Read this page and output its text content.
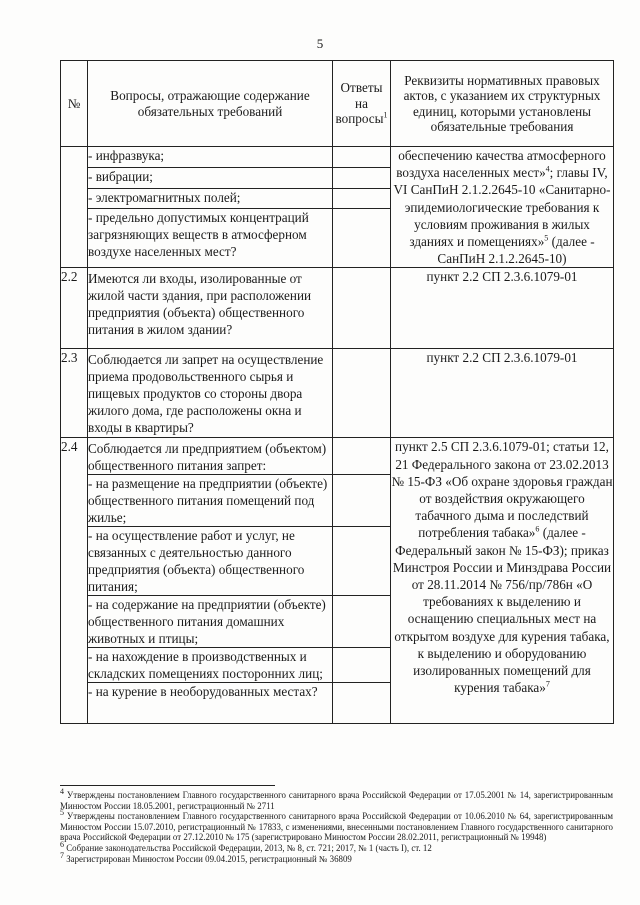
5
№	Вопросы, отражающие содержание обязательных требований	Ответы на вопросы$^1$	Реквизиты нормативных правовых актов, с указанием их структурных единиц, которыми установлены обязательные требования
	- инфразвука;		обеспечению качества атмосферного воздуха населенных мест»$^4$; главы IV, VI СанПиН 2.1.2.2645-10 «Санитарно-эпидемиологические требования к условиям проживания в жилых зданиях и помещениях»$^5$ (далее - СанПиН 2.1.2.2645-10)
	- вибрации;		
	- электромагнитных полей;		
	- предельно допустимых концентраций загрязняющих веществ в атмосферном воздухе населенных мест?		
2.2	Имеются ли входы, изолированные от жилой части здания, при расположении предприятия (объекта) общественного питания в жилом здании?		пункт 2.2 СП 2.3.6.1079-01
2.3	Соблюдается ли запрет на осуществление приема продовольственного сырья и пищевых продуктов со стороны двора жилого дома, где расположены окна и входы в квартиры?		пункт 2.2 СП 2.3.6.1079-01
2.4	Соблюдается ли предприятием (объектом) общественного питания запрет:		пункт 2.5 СП 2.3.6.1079-01; статьи 12, 21 Федерального закона от 23.02.2013 № 15-ФЗ «Об охране здоровья граждан от воздействия окружающего табачного дыма и последствий потребления табака»$^6$ (далее - Федеральный закон № 15-ФЗ); приказ Минстроя России и Минздрава России от 28.11.2014 № 756/пр/786н «О требованиях к выделению и оснащению специальных мест на открытом воздухе для курения табака, к выделению и оборудованию изолированных помещений для курения табака»$^7$
	- на размещение на предприятии (объекте) общественного питания помещений под жилье;		
	- на осуществление работ и услуг, не связанных с деятельностью данного предприятия (объекта) общественного питания;		
	- на содержание на предприятии (объекте) общественного питания домашних животных и птицы;		
	- на нахождение в производственных и складских помещениях посторонних лиц;		
	- на курение в необорудованных местах?		

$^4$ Утверждены постановлением Главного государственного санитарного врача Российской Федерации от 17.05.2001 № 14, зарегистрированным Минюстом России 18.05.2001, регистрационный № 2711

$^5$ Утверждены постановлением Главного государственного санитарного врача Российской Федерации от 10.06.2010 № 64, зарегистрированным Минюстом России 15.07.2010, регистрационный № 17833, с изменениями, внесенными постановлением Главного государственного санитарного врача Российской Федерации от 27.12.2010 № 175 (зарегистрировано Минюстом России 28.02.2011, регистрационный № 19948)

$^6$ Собрание законодательства Российской Федерации, 2013, № 8, ст. 721; 2017, № 1 (часть I), ст. 12

$^7$ Зарегистрирован Минюстом России 09.04.2015, регистрационный № 36809
